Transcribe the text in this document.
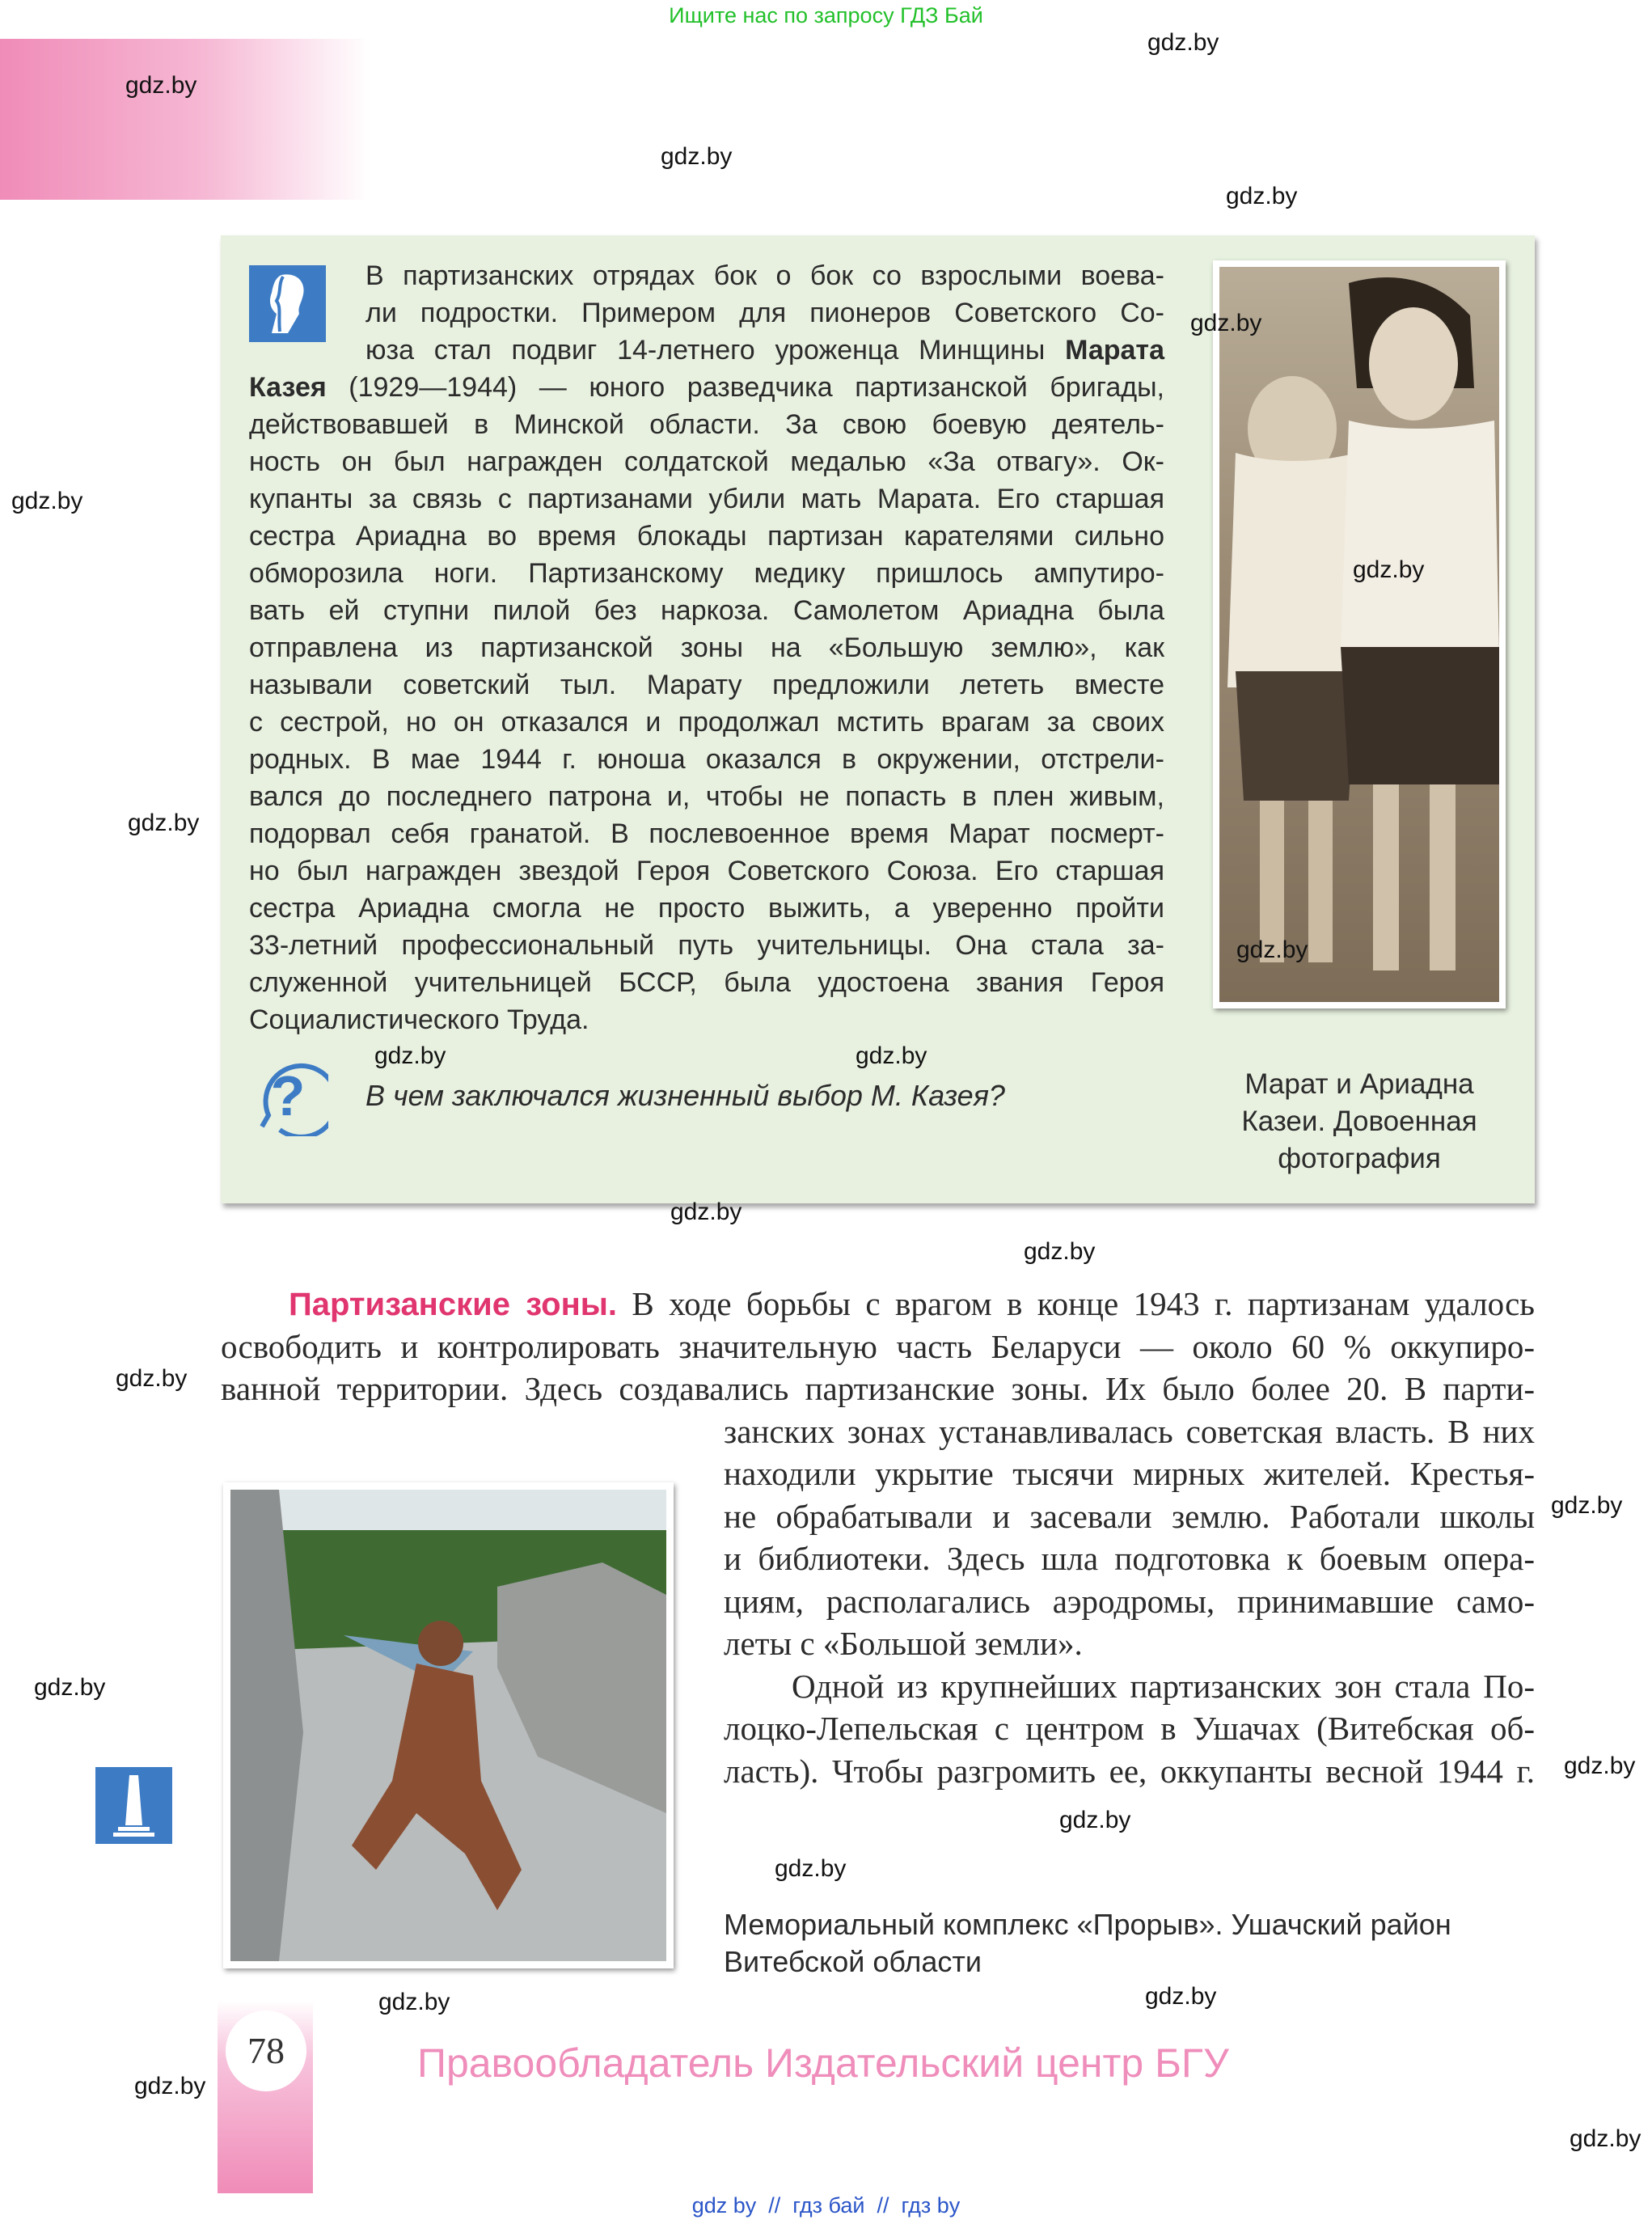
Ищите нас по запросу ГДЗ Бай
В партизанских отрядах бок о бок со взрослыми воева-
ли подростки. Примером для пионеров Советского Со-
юза стал подвиг 14-летнего уроженца Минщины Марата
Казея (1929—1944) — юного разведчика партизанской бригады,
действовавшей в Минской области. За свою боевую деятель-
ность он был награжден солдатской медалью «За отвагу». Ок-
купанты за связь с партизанами убили мать Марата. Его старшая
сестра Ариадна во время блокады партизан карателями сильно
обморозила ноги. Партизанскому медику пришлось ампутиро-
вать ей ступни пилой без наркоза. Самолетом Ариадна была
отправлена из партизанской зоны на «Большую землю», как
называли советский тыл. Марату предложили лететь вместе
с сестрой, но он отказался и продолжал мстить врагам за своих
родных. В мае 1944 г. юноша оказался в окружении, отстрели-
вался до последнего патрона и, чтобы не попасть в плен живым,
подорвал себя гранатой. В послевоенное время Марат посмерт-
но был награжден звездой Героя Советского Союза. Его старшая
сестра Ариадна смогла не просто выжить, а уверенно пройти
33-летний профессиональный путь учительницы. Она стала за-
служенной учительницей БССР, была удостоена звания Героя
Социалистического Труда.
Марат и Ариадна
Казеи. Довоенная
фотография
? В чем заключался жизненный выбор М. Казея?
Партизанские зоны. В ходе борьбы с врагом в конце 1943 г. партизанам удалось
освободить и контролировать значительную часть Беларуси — около 60 % оккупиро-
ванной территории. Здесь создавались партизанские зоны. Их было более 20. В парти-
занских зонах устанавливалась советская власть. В них
находили укрытие тысячи мирных жителей. Крестья-
не обрабатывали и засевали землю. Работали школы
и библиотеки. Здесь шла подготовка к боевым опера-
циям, располагались аэродромы, принимавшие само-
леты с «Большой земли».
Одной из крупнейших партизанских зон стала По-
лоцко-Лепельская с центром в Ушачах (Витебская об-
ласть). Чтобы разгромить ее, оккупанты весной 1944 г.
Мемориальный комплекс «Прорыв». Ушачский район
Витебской области
78	Правообладатель Издательский центр БГУ
gdz by  //  гдз бай  //  гдз by
gdz.by
gdz.by
gdz.by
gdz.by
gdz.by
gdz.by
gdz.by
gdz.by
gdz.by
gdz.by
gdz.by
gdz.by
gdz.by
gdz.by
gdz.by
gdz.by
gdz.by
gdz.by
gdz.by
gdz.by
gdz.by
gdz.by
gdz.by
